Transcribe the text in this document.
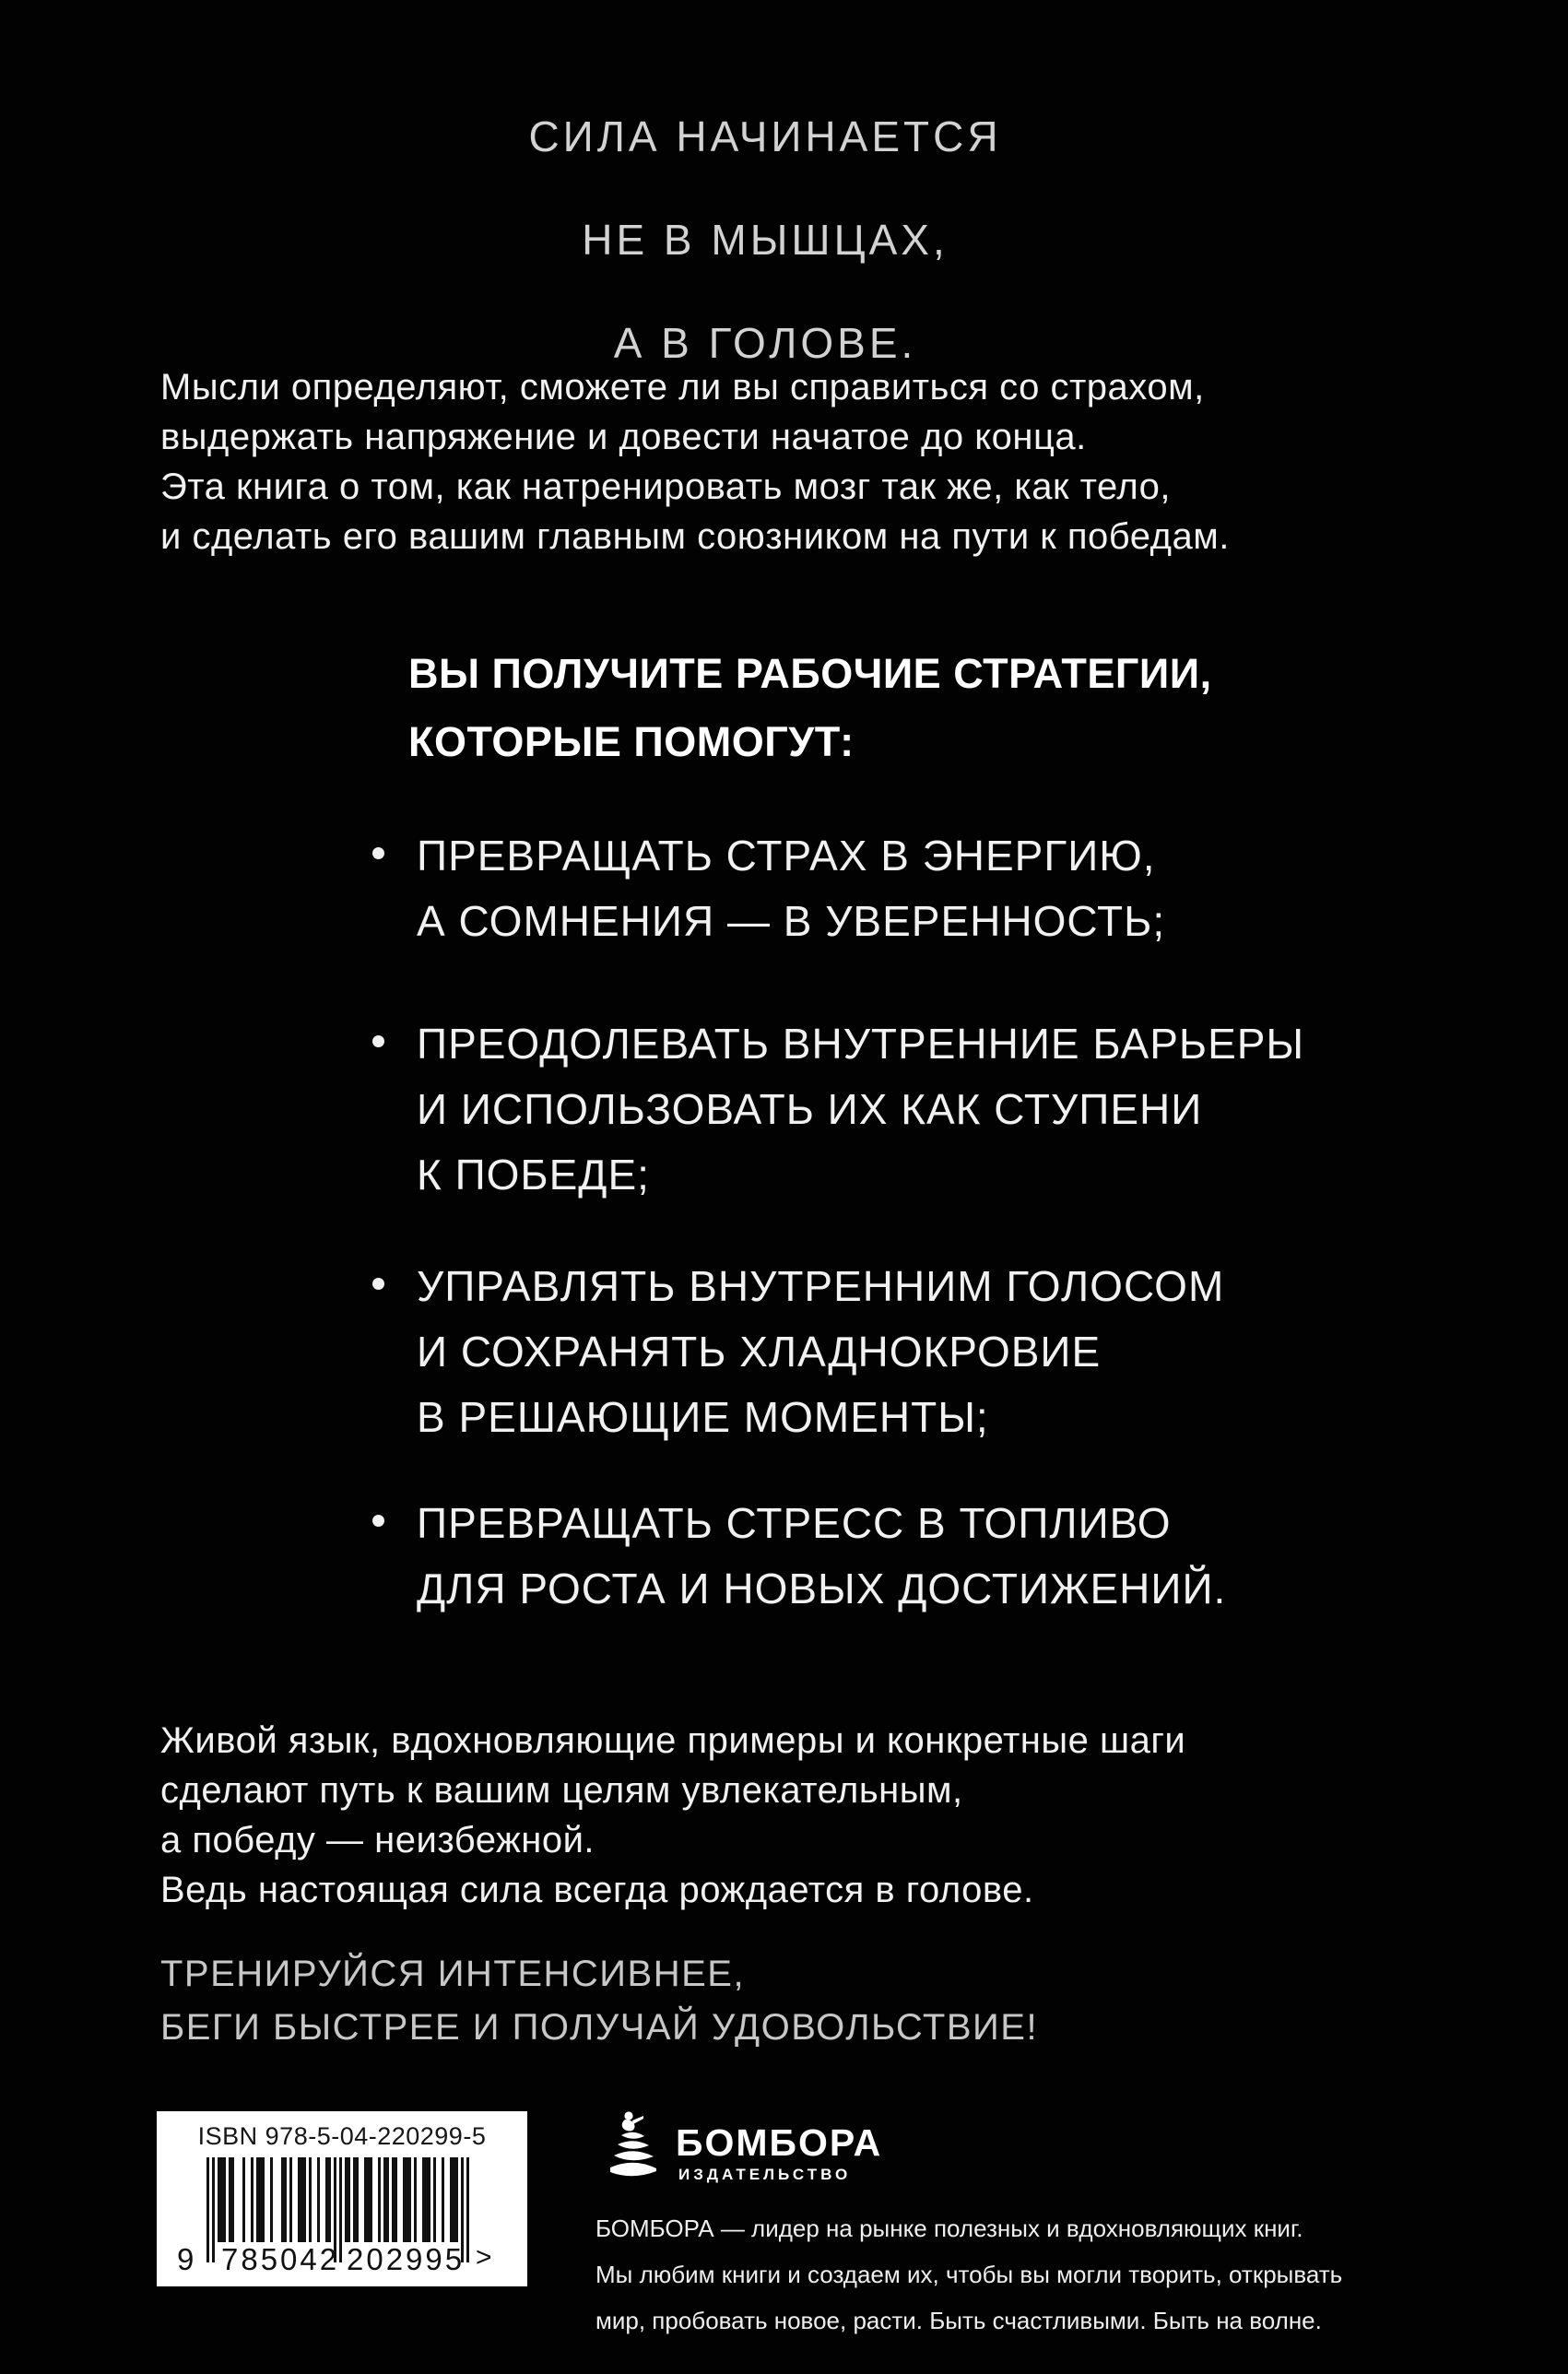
СИЛА НАЧИНАЕТСЯ
НЕ В МЫШЦАХ,
А В ГОЛОВЕ.
Мысли определяют, сможете ли вы справиться со страхом,
выдержать напряжение и довести начатое до конца.
Эта книга о том, как натренировать мозг так же, как тело,
и сделать его вашим главным союзником на пути к победам.
ВЫ ПОЛУЧИТЕ РАБОЧИЕ СТРАТЕГИИ,
КОТОРЫЕ ПОМОГУТ:
ПРЕВРАЩАТЬ СТРАХ В ЭНЕРГИЮ,
А СОМНЕНИЯ — В УВЕРЕННОСТЬ;
ПРЕОДОЛЕВАТЬ ВНУТРЕННИЕ БАРЬЕРЫ
И ИСПОЛЬЗОВАТЬ ИХ КАК СТУПЕНИ
К ПОБЕДЕ;
УПРАВЛЯТЬ ВНУТРЕННИМ ГОЛОСОМ
И СОХРАНЯТЬ ХЛАДНОКРОВИЕ
В РЕШАЮЩИЕ МОМЕНТЫ;
ПРЕВРАЩАТЬ СТРЕСС В ТОПЛИВО
ДЛЯ РОСТА И НОВЫХ ДОСТИЖЕНИЙ.
Живой язык, вдохновляющие примеры и конкретные шаги
сделают путь к вашим целям увлекательным,
а победу — неизбежной.
Ведь настоящая сила всегда рождается в голове.
ТРЕНИРУЙСЯ ИНТЕНСИВНЕЕ,
БЕГИ БЫСТРЕЕ И ПОЛУЧАЙ УДОВОЛЬСТВИЕ!
ISBN 978-5-04-220299-5
9 785042 202995 >
БОМБОРА
ИЗДАТЕЛЬСТВО
БОМБОРА — лидер на рынке полезных и вдохновляющих книг.
Мы любим книги и создаем их, чтобы вы могли творить, открывать
мир, пробовать новое, расти. Быть счастливыми. Быть на волне.
